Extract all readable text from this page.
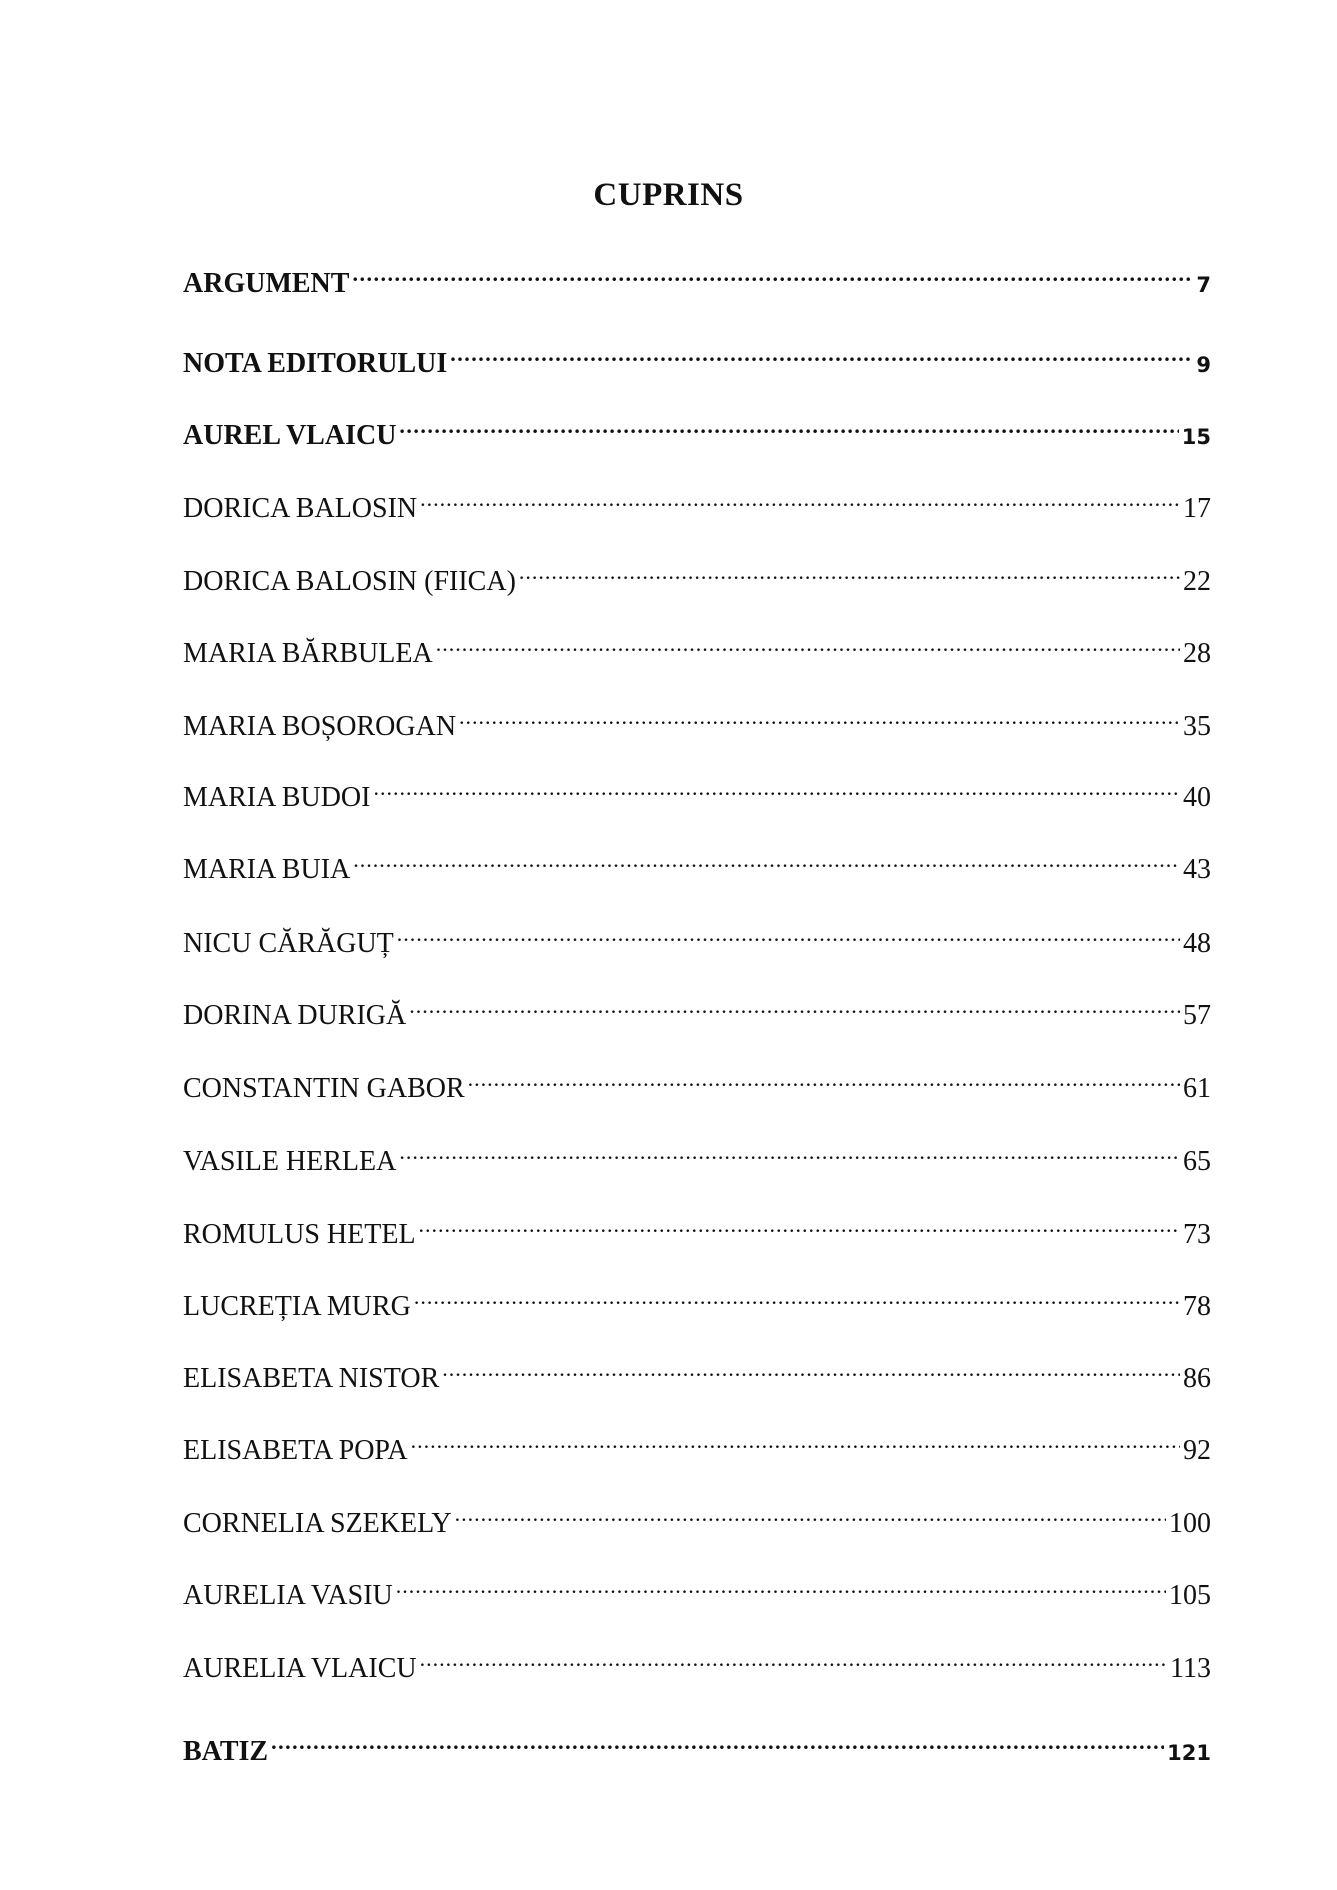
CUPRINS
ARGUMENT .....	7
NOTA EDITORULUI .....	9
AUREL VLAICU .....	15
DORICA BALOSIN .....	17
DORICA BALOSIN (FIICA) .....	22
MARIA BĂRBULEA .....	28
MARIA BOȘOROGAN .....	35
MARIA BUDOI .....	40
MARIA BUIA .....	43
NICU CĂRĂGUȚ .....	48
DORINA DURIGĂ .....	57
CONSTANTIN GABOR .....	61
VASILE HERLEA .....	65
ROMULUS HETEL .....	73
LUCREȚIA MURG .....	78
ELISABETA NISTOR .....	86
ELISABETA POPA .....	92
CORNELIA SZEKELY .....	100
AURELIA VASIU .....	105
AURELIA VLAICU .....	113
BATIZ .....	121
